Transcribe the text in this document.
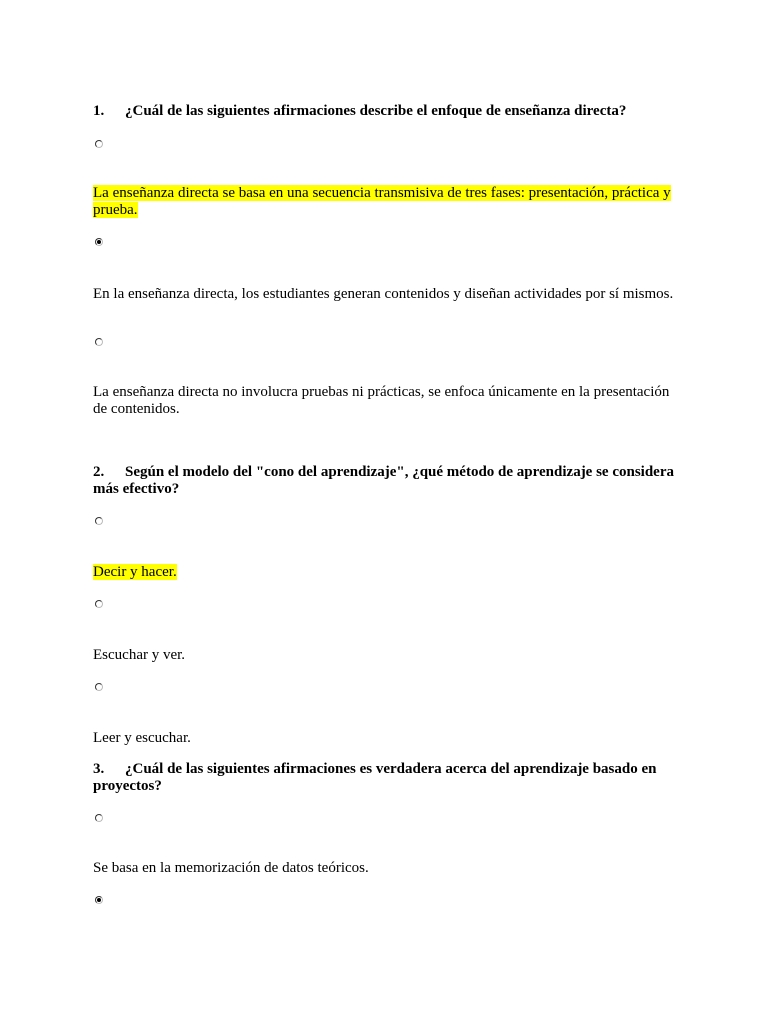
1. ¿Cuál de las siguientes afirmaciones describe el enfoque de enseñanza directa?
La enseñanza directa se basa en una secuencia transmisiva de tres fases: presentación, práctica y prueba.
En la enseñanza directa, los estudiantes generan contenidos y diseñan actividades por sí mismos.
La enseñanza directa no involucra pruebas ni prácticas, se enfoca únicamente en la presentación de contenidos.
2. Según el modelo del "cono del aprendizaje", ¿qué método de aprendizaje se considera más efectivo?
Decir y hacer.
Escuchar y ver.
Leer y escuchar.
3. ¿Cuál de las siguientes afirmaciones es verdadera acerca del aprendizaje basado en proyectos?
Se basa en la memorización de datos teóricos.
